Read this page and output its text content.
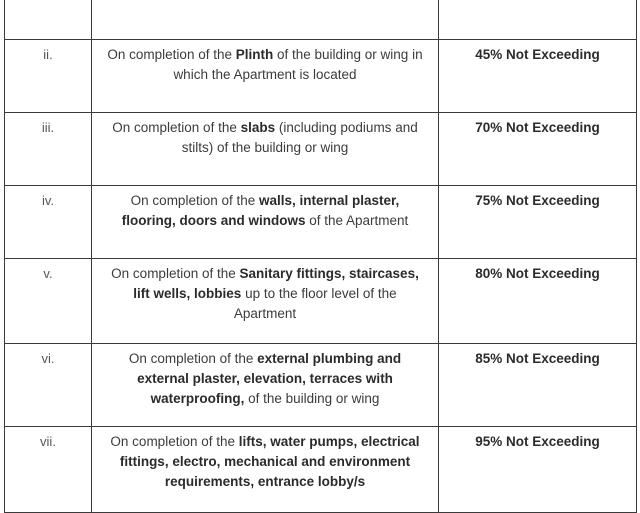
ii.	On completion of the Plinth of the building or wing in which the Apartment is located	45% Not Exceeding
iii.	On completion of the slabs (including podiums and stilts) of the building or wing	70% Not Exceeding
iv.	On completion of the walls, internal plaster, flooring, doors and windows of the Apartment	75% Not Exceeding
v.	On completion of the Sanitary fittings, staircases, lift wells, lobbies up to the floor level of the Apartment	80% Not Exceeding
vi.	On completion of the external plumbing and external plaster, elevation, terraces with waterproofing, of the building or wing	85% Not Exceeding
vii.	On completion of the lifts, water pumps, electrical fittings, electro, mechanical and environment requirements, entrance lobby/s	95% Not Exceeding
